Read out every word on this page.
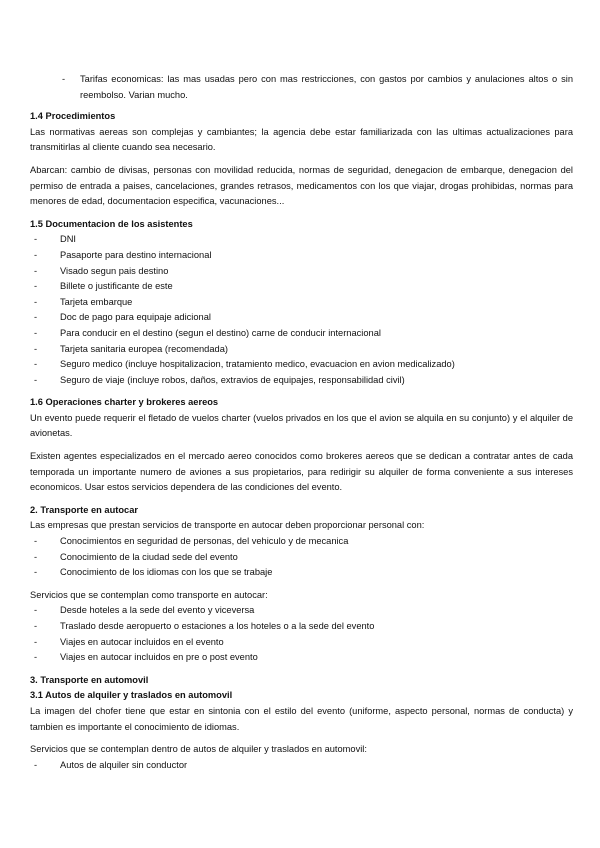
- Tarifas economicas: las mas usadas pero con mas restricciones, con gastos por cambios y anulaciones altos o sin reembolso. Varian mucho.
1.4 Procedimientos

Las normativas aereas son complejas y cambiantes; la agencia debe estar familiarizada con las ultimas actualizaciones para transmitirlas al cliente cuando sea necesario.

Abarcan: cambio de divisas, personas con movilidad reducida, normas de seguridad, denegacion de embarque, denegacion del permiso de entrada a paises, cancelaciones, grandes retrasos, medicamentos con los que viajar, drogas prohibidas, normas para menores de edad, documentacion especifica, vacunaciones...

1.5 Documentacion de los asistentes
- DNI
- Pasaporte para destino internacional
- Visado segun pais destino
- Billete o justificante de este
- Tarjeta embarque
- Doc de pago para equipaje adicional
- Para conducir en el destino (segun el destino) carne de conducir internacional
- Tarjeta sanitaria europea (recomendada)
- Seguro medico (incluye hospitalizacion, tratamiento medico, evacuacion en avion medicalizado)
- Seguro de viaje (incluye robos, daños, extravios de equipajes, responsabilidad civil)
1.6 Operaciones charter y brokeres aereos

Un evento puede requerir el fletado de vuelos charter (vuelos privados en los que el avion se alquila en su conjunto) y el alquiler de avionetas.

Existen agentes especializados en el mercado aereo conocidos como brokeres aereos que se dedican a contratar antes de cada temporada un importante numero de aviones a sus propietarios, para redirigir su alquiler de forma conveniente a sus intereses economicos. Usar estos servicios dependera de las condiciones del evento.

2. Transporte en autocar

Las empresas que prestan servicios de transporte en autocar deben proporcionar personal con:

- Conocimientos en seguridad de personas, del vehiculo y de mecanica
- Conocimiento de la ciudad sede del evento
- Conocimiento de los idiomas con los que se trabaje

Servicios que se contemplan como transporte en autocar:

- Desde hoteles a la sede del evento y viceversa
- Traslado desde aeropuerto o estaciones a los hoteles o a la sede del evento
- Viajes en autocar incluidos en el evento
- Viajes en autocar incluidos en pre o post evento
3. Transporte en automovil
3.1 Autos de alquiler y traslados en automovil

La imagen del chofer tiene que estar en sintonia con el estilo del evento (uniforme, aspecto personal, normas de conducta) y tambien es importante el conocimiento de idiomas.

Servicios que se contemplan dentro de autos de alquiler y traslados en automovil:

- Autos de alquiler sin conductor
